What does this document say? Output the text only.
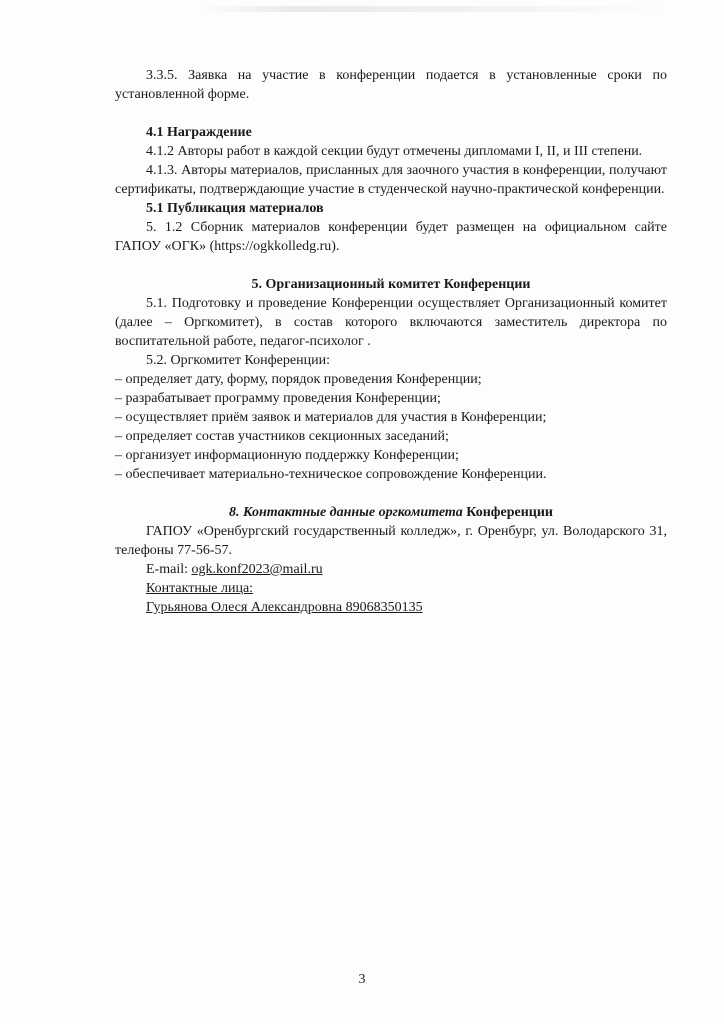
3.3.5. Заявка на участие в конференции подается в установленные сроки по установленной форме.

4.1 Награждение

4.1.2 Авторы работ в каждой секции будут отмечены дипломами I, II, и III степени.

4.1.3. Авторы материалов, присланных для заочного участия в конференции, получают сертификаты, подтверждающие участие в студенческой научно-практической конференции.

5.1 Публикация материалов

5. 1.2 Сборник материалов конференции будет размещен на официальном сайте ГАПОУ «ОГК» (https://ogkkolledg.ru).

5. Организационный комитет Конференции

5.1. Подготовку и проведение Конференции осуществляет Организационный комитет (далее – Оргкомитет), в состав которого включаются заместитель директора по воспитательной работе, педагог-психолог .

5.2. Оргкомитет Конференции:

– определяет дату, форму, порядок проведения Конференции;

– разрабатывает программу проведения Конференции;

– осуществляет приём заявок и материалов для участия в Конференции;

– определяет состав участников секционных заседаний;

– организует информационную поддержку Конференции;

– обеспечивает материально-техническое сопровождение Конференции.

8. Контактные данные оргкомитета Конференции

ГАПОУ «Оренбургский государственный колледж», г. Оренбург, ул. Володарского 31, телефоны 77-56-57.

E-mail: ogk.konf2023@mail.ru

Контактные лица:

Гурьянова Олеся Александровна 89068350135

3
